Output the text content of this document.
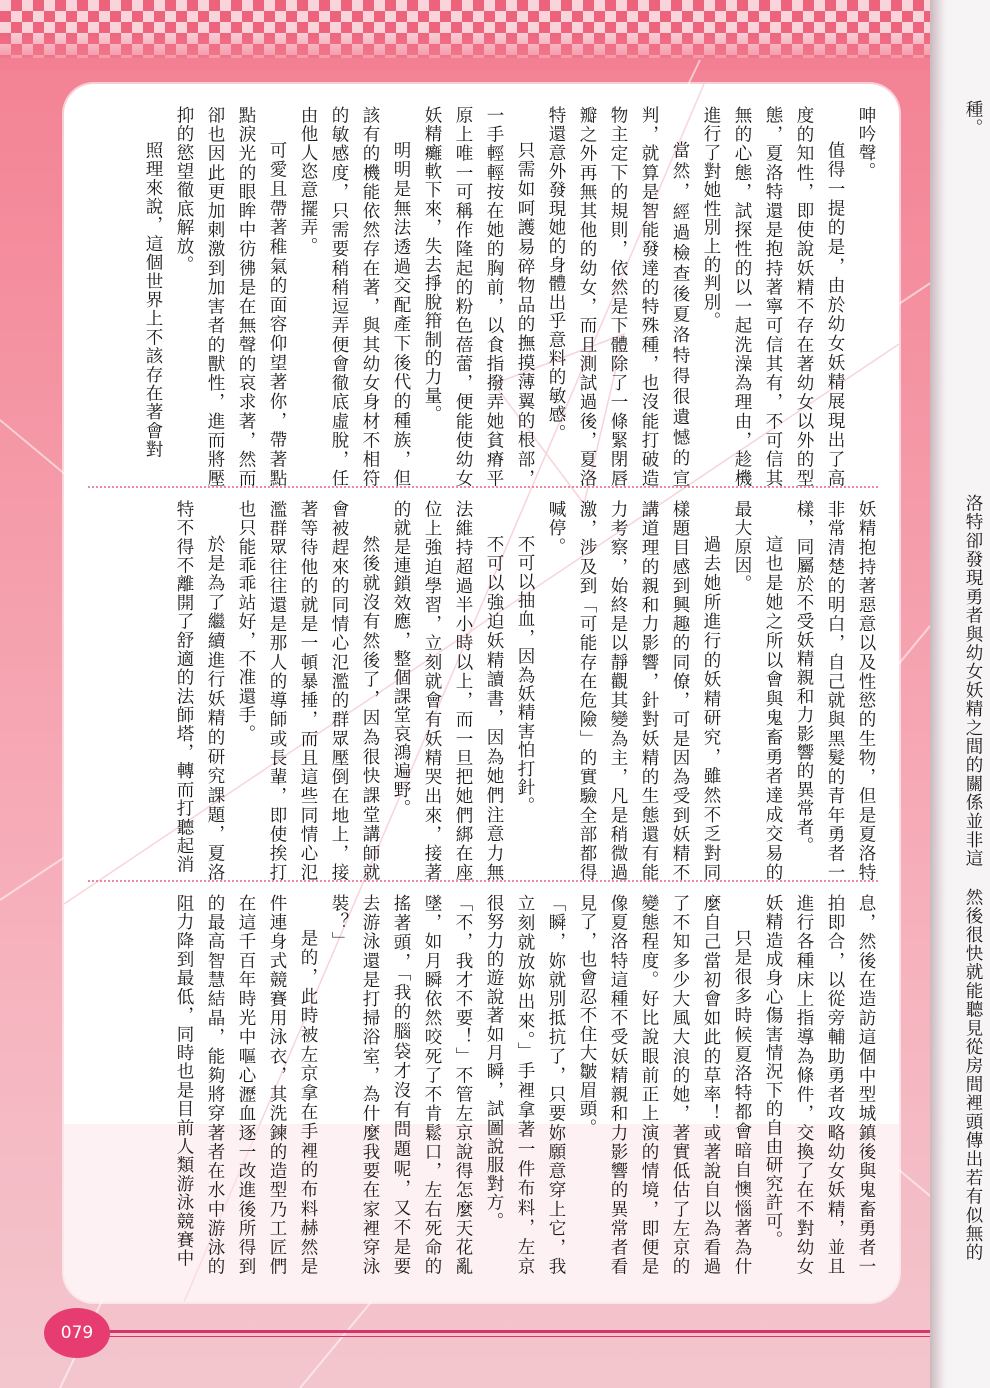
呻吟聲。

值得一提的是，由於幼女妖精展現出了高度的知性，即使說妖精不存在著幼女以外的型態，夏洛特還是抱持著寧可信其有，不可信其無的心態，試探性的以一起洗澡為理由，趁機進行了對她性別上的判別。

當然，經過檢查後夏洛特得很遺憾的宣判，就算是智能發達的特殊種，也沒能打破造物主定下的規則，依然是下體除了一條緊閉唇瓣之外再無其他的幼女，而且測試過後，夏洛特還意外發現她的身體出乎意料的敏感。

只需如呵護易碎物品的撫摸薄翼的根部，一手輕輕按在她的胸前，以食指撥弄她貧瘠平原上唯一可稱作隆起的粉色蓓蕾，便能使幼女妖精癱軟下來，失去掙脫箝制的力量。

明明是無法透過交配產下後代的種族，但該有的機能依然存在著，與其幼女身材不相符的敏感度，只需要稍稍逗弄便會徹底虛脫，任由他人恣意擺弄。

可愛且帶著稚氣的面容仰望著你，帶著點點淚光的眼眸中彷彿是在無聲的哀求著，然而卻也因此更加刺激到加害者的獸性，進而將壓抑的慾望徹底解放。

照理來說，這個世界上不該存在著會對

妖精抱持著惡意以及性慾的生物，但是夏洛特非常清楚的明白，自己就與黑髮的青年勇者一樣，同屬於不受妖精親和力影響的異常者。

這也是她之所以會與鬼畜勇者達成交易的最大原因。

過去她所進行的妖精研究，雖然不乏對同樣題目感到興趣的同僚，可是因為受到妖精不講道理的親和力影響，針對妖精的生態還有能力考察，始終是以靜觀其變為主，凡是稍微過激，涉及到「可能存在危險」的實驗全部都得喊停。

不可以抽血，因為妖精害怕打針。

不可以強迫妖精讀書，因為她們注意力無法維持超過半小時以上，而一旦把她們綁在座位上強迫學習，立刻就會有妖精哭出來，接著的就是連鎖效應，整個課堂哀鴻遍野。

然後就沒有然後了，因為很快課堂講師就會被趕來的同情心氾濫的群眾壓倒在地上，接著等待他的就是一頓暴捶，而且這些同情心氾濫群眾往往還是那人的導師或長輩，即使挨打也只能乖乖站好，不准還手。

於是為了繼續進行妖精的研究課題，夏洛特不得不離開了舒適的法師塔，轉而打聽起消

息，然後在造訪這個中型城鎮後與鬼畜勇者一拍即合，以從旁輔助勇者攻略幼女妖精，並且進行各種床上指導為條件，交換了在不對幼女妖精造成身心傷害情況下的自由研究許可。

只是很多時候夏洛特都會暗自懊惱著為什麼自己當初會如此的草率！或著說自以為看過了不知多少大風大浪的她，著實低估了左京的變態程度。好比說眼前正上演的情境，即便是像夏洛特這種不受妖精親和力影響的異常者看見了，也會忍不住大皺眉頭。

「瞬，妳就別抵抗了，只要妳願意穿上它，我立刻就放妳出來。」手裡拿著一件布料，左京很努力的遊說著如月瞬，試圖說服對方。

「不，我才不要！」不管左京說得怎麼天花亂墜，如月瞬依然咬死了不肯鬆口，左右死命的搖著頭，「我的腦袋才沒有問題呢，又不是要去游泳還是打掃浴室，為什麼我要在家裡穿泳裝？」

是的，此時被左京拿在手裡的布料赫然是件連身式競賽用泳衣，其洗鍊的造型乃工匠們在這千百年時光中嘔心瀝血逐一改進後所得到的最高智慧結晶，能夠將穿著者在水中游泳的阻力降到最低，同時也是目前人類游泳競賽中

079
種。
洛特卻發現勇者與幼女妖精之間的關係並非這
然後很快就能聽見從房間裡頭傳出若有似無的
